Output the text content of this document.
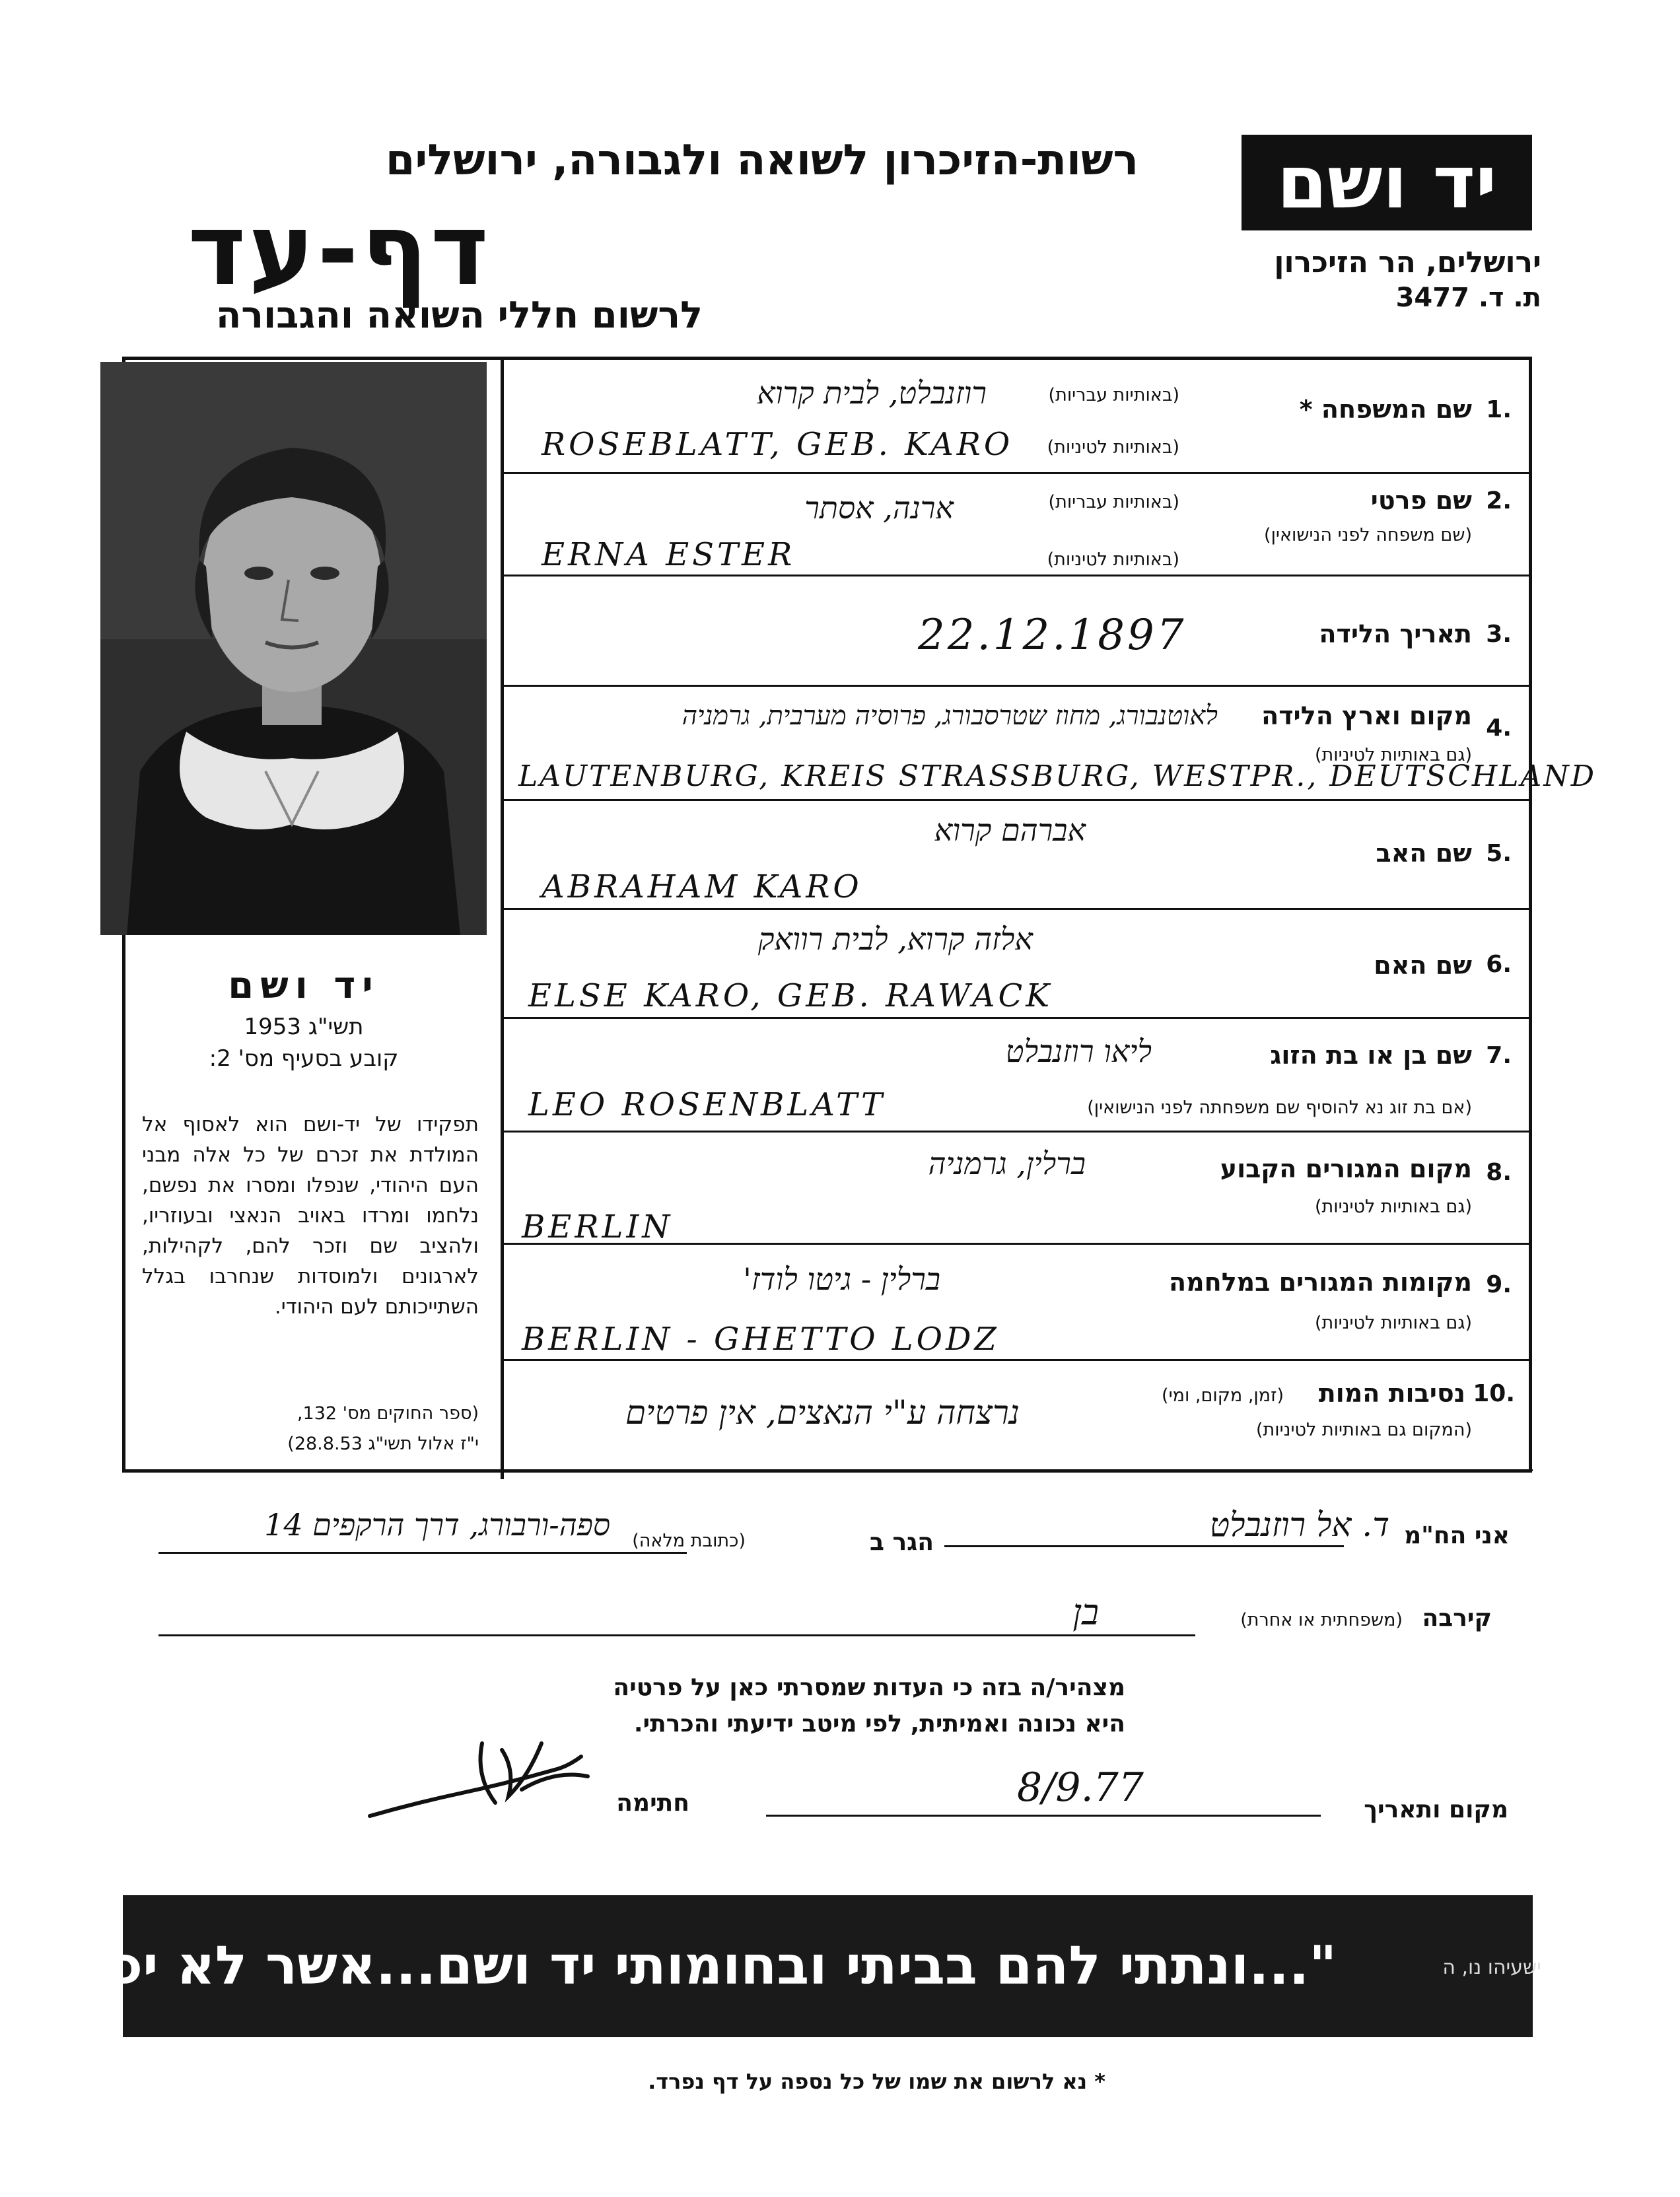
רשות-הזיכרון לשואה ולגבורה, ירושלים
דף-עד
לרשום חללי השואה והגבורה
יד ושם
ירושלים, הר הזיכרון
ת. ד. 3477
יד ושם
תשי"ג 1953
קובע בסעיף מס' 2:
תפקידו של יד-ושם הוא לאסוף אל המולדת את זכרם של כל אלה מבני העם היהודי, שנפלו ומסרו את נפשם, נלחמו ומרדו באויב הנאצי ובעוזריו, ולהציב שם וזכר להם, לקהילות, לארגונים ולמוסדות שנחרבו בגלל השתייכותם לעם היהודי.
(ספר החוקים מס' 132,
י"ז אלול תשי"ג 28.8.53)
1.
שם המשפחה *
(באותיות עבריות)
(באותיות לטיניות)
רוזנבלט, לבית קרוא
ROSEBLATT, GEB. KARO
2.
שם פרטי
(שם משפחה לפני הנישואין)
(באותיות עבריות)
(באותיות לטיניות)
ארנה, אסתר
ERNA ESTER
3.
תאריך הלידה
22.12.1897
4.
מקום וארץ הלידה
(גם באותיות לטיניות)
לאוטנבורג, מחוז שטרסבורג, פרוסיה מערבית, גרמניה
LAUTENBURG, KREIS STRASSBURG, WESTPR., DEUTSCHLAND
5.
שם האב
אברהם קרוא
ABRAHAM KARO
6.
שם האם
אלזה קרוא, לבית רוואק
ELSE KARO, GEB. RAWACK
7.
שם בן או בת הזוג
(אם בת זוג נא להוסיף שם משפחתה לפני הנישואין)
ליאו רוזנבלט
LEO ROSENBLATT
8.
מקום המגורים הקבוע
(גם באותיות לטיניות)
ברלין, גרמניה
BERLIN
9.
מקומות המגורים במלחמה
(גם באותיות לטיניות)
ברלין - גיטו לודז'
BERLIN - GHETTO LODZ
10.
נסיבות המות
(זמן, מקום, ומי)
(המקום גם באותיות לטיניות)
נרצחה ע"י הנאצים, אין פרטים
אני הח"מ
ד. אל רוזנבלט
הגר ב
(כתובת מלאה)
ספה-ורבורג, דרך הרקפים 14
קירבה
(משפחתית או אחרת)
בן
מצהיר/ה בזה כי העדות שמסרתי כאן על פרטיה
היא נכונה ואמיתית, לפי מיטב ידיעתי והכרתי.
מקום ותאריך
8/9.77
חתימה
"...ונתתי להם בביתי ובחומותי יד ושם...אשר לא יכרת"	ישעיהו נו, ה
* נא לרשום את שמו של כל נספה על דף נפרד.
